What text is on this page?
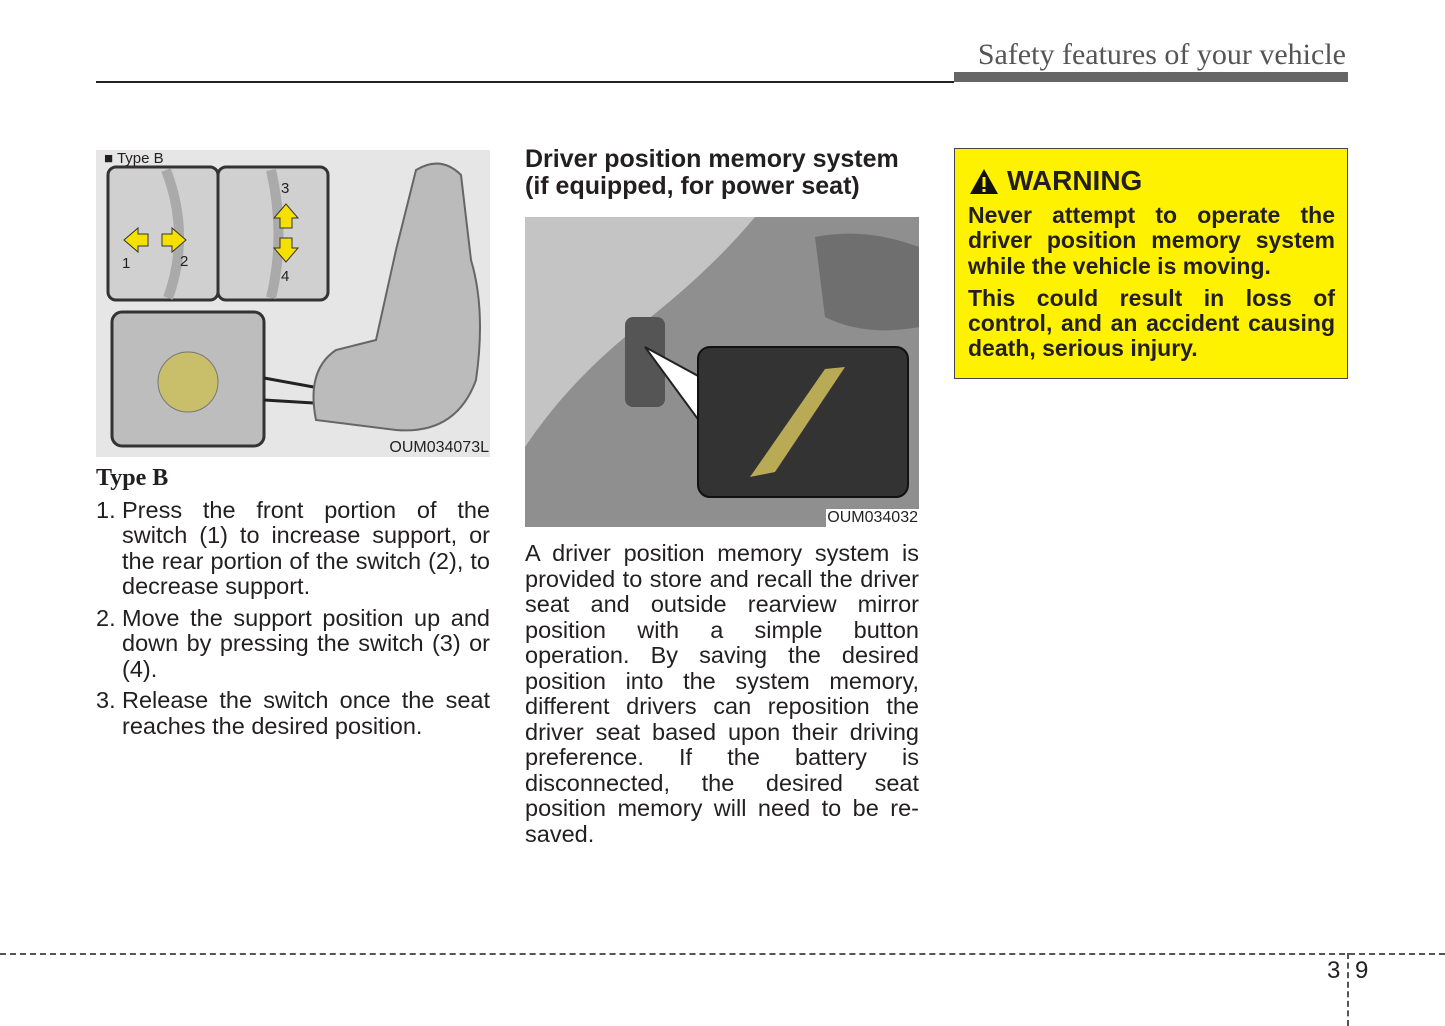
Safety features of your vehicle
■ Type B
1	2
3
4
OUM034073L
Type B
1. Press the front portion of the switch (1) to increase support, or the rear portion of the switch (2), to decrease support.
2. Move the support position up and down by pressing the switch (3) or (4).
3. Release the switch once the seat reaches the desired position.
Driver position memory system
(if equipped, for power seat)
OUM034032
A driver position memory system is provided to store and recall the driver seat and outside rearview mirror position with a simple button operation. By saving the desired position into the system memory, different drivers can reposition the driver seat based upon their driving preference. If the battery is disconnected, the desired seat position memory will need to be re-saved.
WARNING

Never attempt to operate the driver position memory system while the vehicle is moving.

This could result in loss of control, and an accident causing death, serious injury.

3 9
